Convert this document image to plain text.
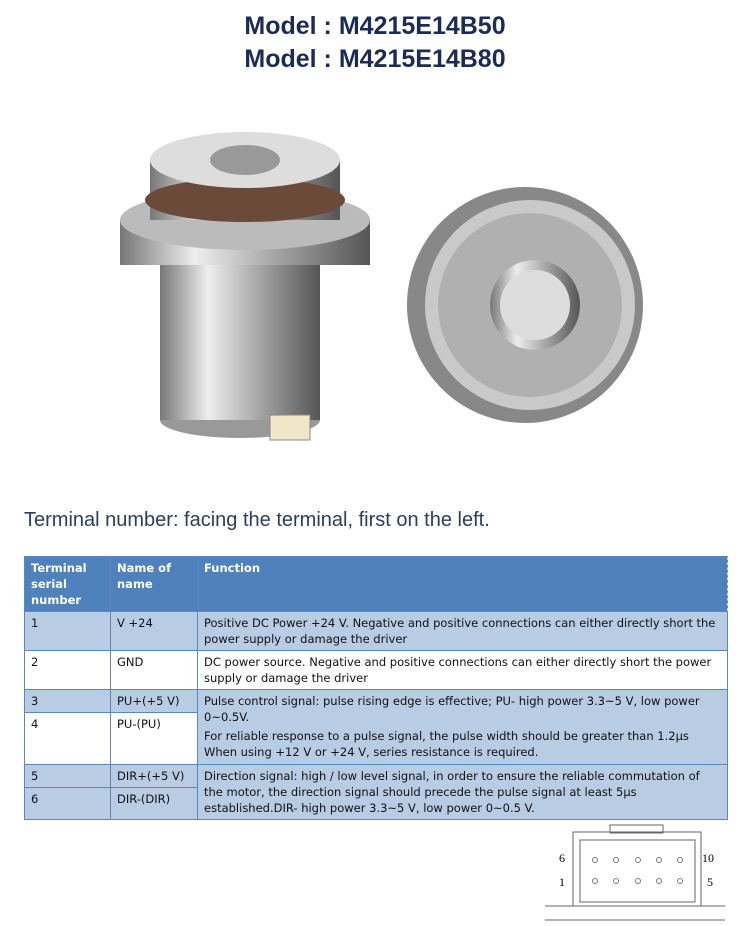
Model : M4215E14B50
Model : M4215E14B80
Terminal number: facing the terminal, first on the left.
Terminal serial number	Name of name	Function
1	V +24	Positive DC Power +24 V. Negative and positive connections can either directly short the power supply or damage the driver
2	GND	DC power source. Negative and positive connections can either directly short the power supply or damage the driver
3	PU+(+5 V)	Pulse control signal: pulse rising edge is effective; PU- high power 3.3~5 V, low power 0~0.5V.
For reliable response to a pulse signal, the pulse width should be greater than 1.2µs When using +12 V or +24 V, series resistance is required.

4	PU-(PU)	
5	DIR+(+5 V)	Direction signal: high / low level signal, in order to ensure the reliable commutation of the motor, the direction signal should precede the pulse signal at least 5µs established.DIR- high power 3.3~5 V, low power 0~0.5 V.
6	DIR-(DIR)	
6	10
1	5
